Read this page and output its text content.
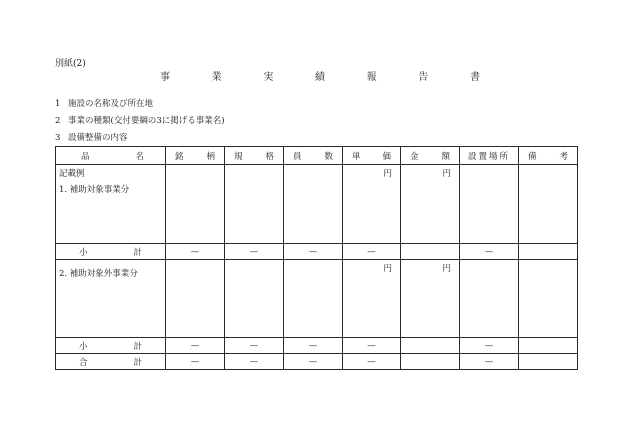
別紙(2)
事	業	実	績	報	告	書
1 施設の名称及び所在地
2 事業の種類(交付要綱の3に掲げる事業名)
3 設備整備の内容
品 名	銘 柄	規 格	員 数	単 価	金 額	設置場所	備 考

記載例
1. 補助対象事業分				円	円		

小 計	—	—	—	—		—	

2. 補助対象外事業分				円	円		

小 計	—	—	—	—		—	

合 計	—	—	—	—		—	
